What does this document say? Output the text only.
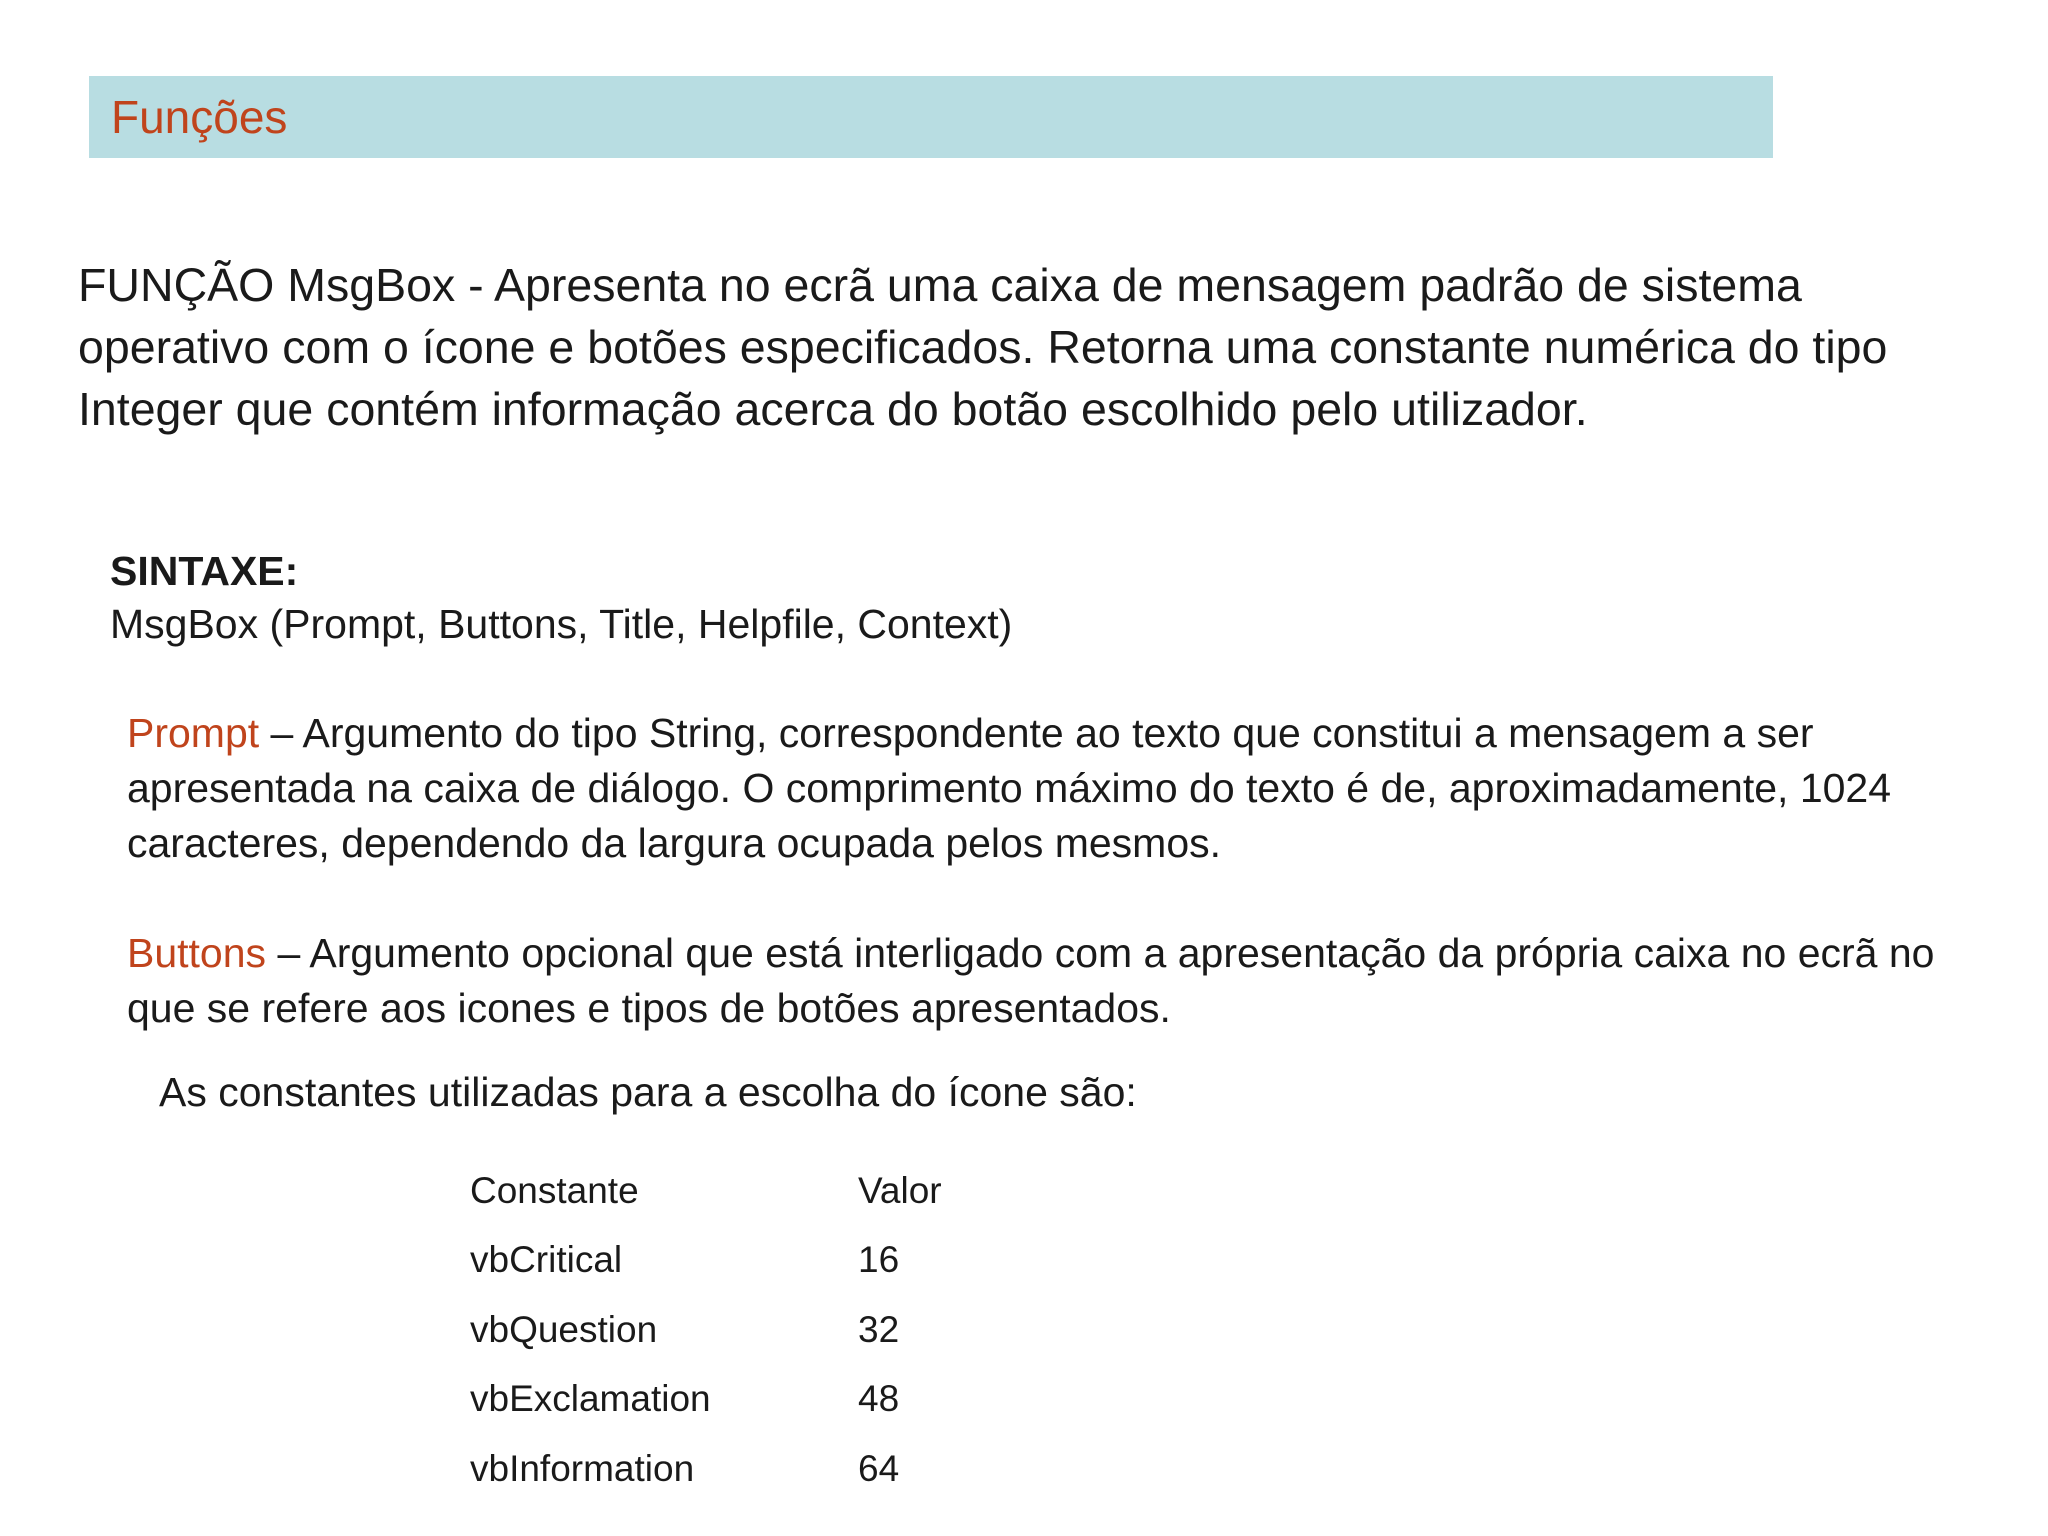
Funções
FUNÇÃO MsgBox - Apresenta no ecrã uma caixa de mensagem padrão de sistema operativo com o ícone e botões especificados. Retorna uma constante numérica do tipo Integer que contém informação acerca do botão escolhido pelo utilizador.
SINTAXE:
MsgBox (Prompt, Buttons, Title, Helpfile, Context)
Prompt – Argumento do tipo String, correspondente ao texto que constitui a mensagem a ser apresentada na caixa de diálogo. O comprimento máximo do texto é de, aproximadamente, 1024 caracteres, dependendo da largura ocupada pelos mesmos.
Buttons – Argumento opcional que está interligado com a apresentação da própria caixa no ecrã no que se refere aos icones e tipos de botões apresentados.
As constantes utilizadas para a escolha do ícone são:
Constante	Valor
vbCritical	16
vbQuestion	32
vbExclamation	48
vbInformation	64
